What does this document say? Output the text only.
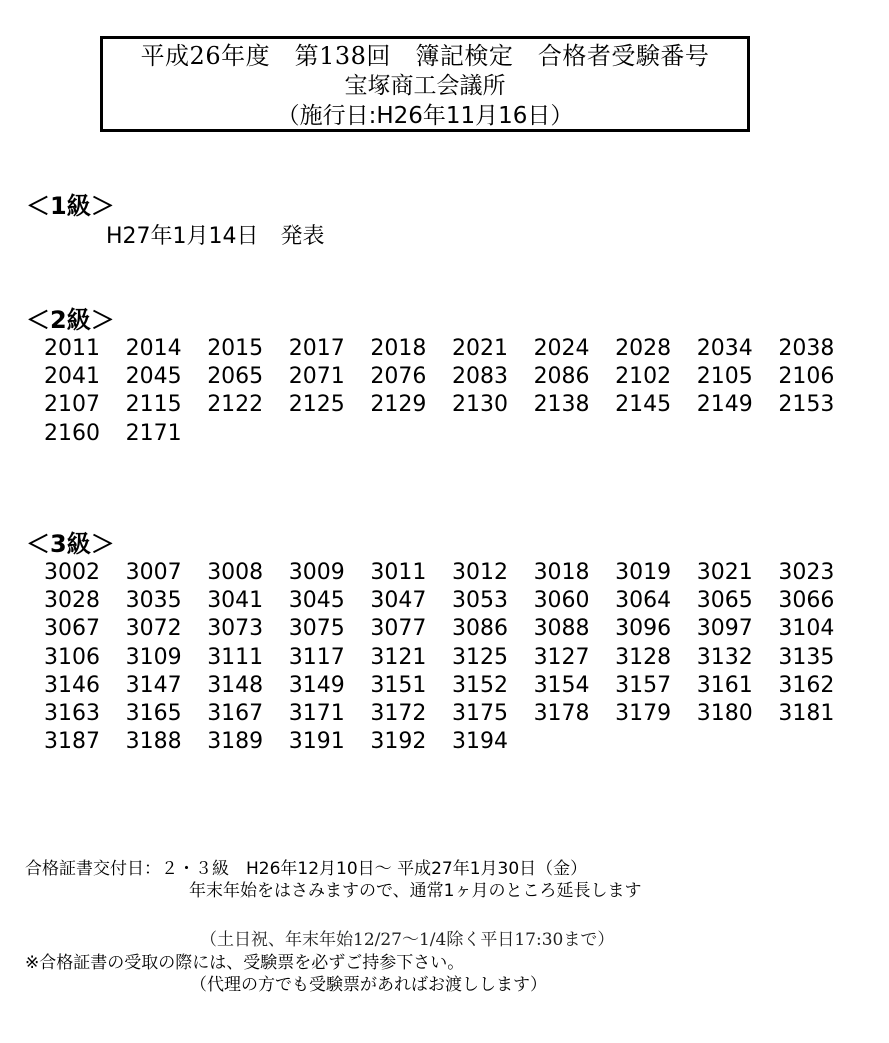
平成26年度　第138回　簿記検定　合格者受験番号
宝塚商工会議所
（施行日:H26年11月16日）
＜1級＞
H27年1月14日　発表
＜2級＞
2011	2014	2015	2017	2018	2021	2024	2028	2034	2038
2041	2045	2065	2071	2076	2083	2086	2102	2105	2106
2107	2115	2122	2125	2129	2130	2138	2145	2149	2153
2160	2171
＜3級＞
3002	3007	3008	3009	3011	3012	3018	3019	3021	3023
3028	3035	3041	3045	3047	3053	3060	3064	3065	3066
3067	3072	3073	3075	3077	3086	3088	3096	3097	3104
3106	3109	3111	3117	3121	3125	3127	3128	3132	3135
3146	3147	3148	3149	3151	3152	3154	3157	3161	3162
3163	3165	3167	3171	3172	3175	3178	3179	3180	3181
3187	3188	3189	3191	3192	3194
合格証書交付日：２・３級　H26年12月10日～ 平成27年1月30日（金）
年末年始をはさみますので、通常1ヶ月のところ延長します
（土日祝、年末年始12/27～1/4除く平日17:30まで）
※合格証書の受取の際には、受験票を必ずご持参下さい。
（代理の方でも受験票があればお渡しします）
